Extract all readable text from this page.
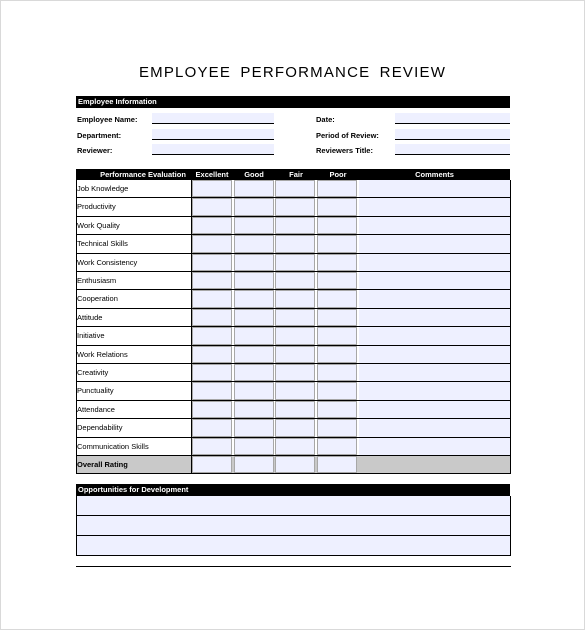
EMPLOYEE PERFORMANCE REVIEW
Employee Information
Employee Name:
Department:
Reviewer:
Date:
Period of Review:
Reviewers Title:
Performance Evaluation	Excellent	Good	Fair	Poor	Comments
Job Knowledge
Productivity
Work Quality
Technical Skills
Work Consistency
Enthusiasm
Cooperation
Attitude
Initiative
Work Relations
Creativity
Punctuality
Attendance
Dependability
Communication Skills
Overall Rating
Opportunities for Development
